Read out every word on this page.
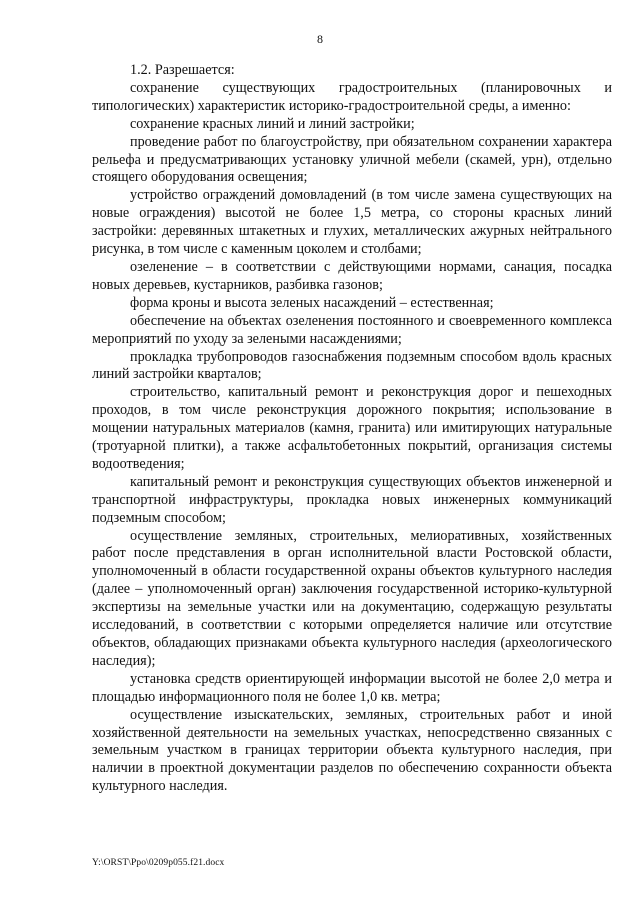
8

1.2. Разрешается:

сохранение существующих градостроительных (планировочных и типологических) характеристик историко-градостроительной среды, а именно:

сохранение красных линий и линий застройки;

проведение работ по благоустройству, при обязательном сохранении характера рельефа и предусматривающих установку уличной мебели (скамей, урн), отдельно стоящего оборудования освещения;

устройство ограждений домовладений (в том числе замена существующих на новые ограждения) высотой не более 1,5 метра, со стороны красных линий застройки: деревянных штакетных и глухих, металлических ажурных нейтрального рисунка, в том числе с каменным цоколем и столбами;

озеленение – в соответствии с действующими нормами, санация, посадка новых деревьев, кустарников, разбивка газонов;

форма кроны и высота зеленых насаждений – естественная;

обеспечение на объектах озеленения постоянного и своевременного комплекса мероприятий по уходу за зелеными насаждениями;

прокладка трубопроводов газоснабжения подземным способом вдоль красных линий застройки кварталов;

строительство, капитальный ремонт и реконструкция дорог и пешеходных проходов, в том числе реконструкция дорожного покрытия; использование в мощении натуральных материалов (камня, гранита) или имитирующих натуральные (тротуарной плитки), а также асфальтобетонных покрытий, организация системы водоотведения;

капитальный ремонт и реконструкция существующих объектов инженерной и транспортной инфраструктуры, прокладка новых инженерных коммуникаций подземным способом;

осуществление земляных, строительных, мелиоративных, хозяйственных работ после представления в орган исполнительной власти Ростовской области, уполномоченный в области государственной охраны объектов культурного наследия (далее – уполномоченный орган) заключения государственной историко-культурной экспертизы на земельные участки или на документацию, содержащую результаты исследований, в соответствии с которыми определяется наличие или отсутствие объектов, обладающих признаками объекта культурного наследия (археологического наследия);

установка средств ориентирующей информации высотой не более 2,0 метра и площадью информационного поля не более 1,0 кв. метра;

осуществление изыскательских, земляных, строительных работ и иной хозяйственной деятельности на земельных участках, непосредственно связанных с земельным участком в границах территории объекта культурного наследия, при наличии в проектной документации разделов по обеспечению сохранности объекта культурного наследия.

Y:\ORST\Ppo\0209p055.f21.docx
